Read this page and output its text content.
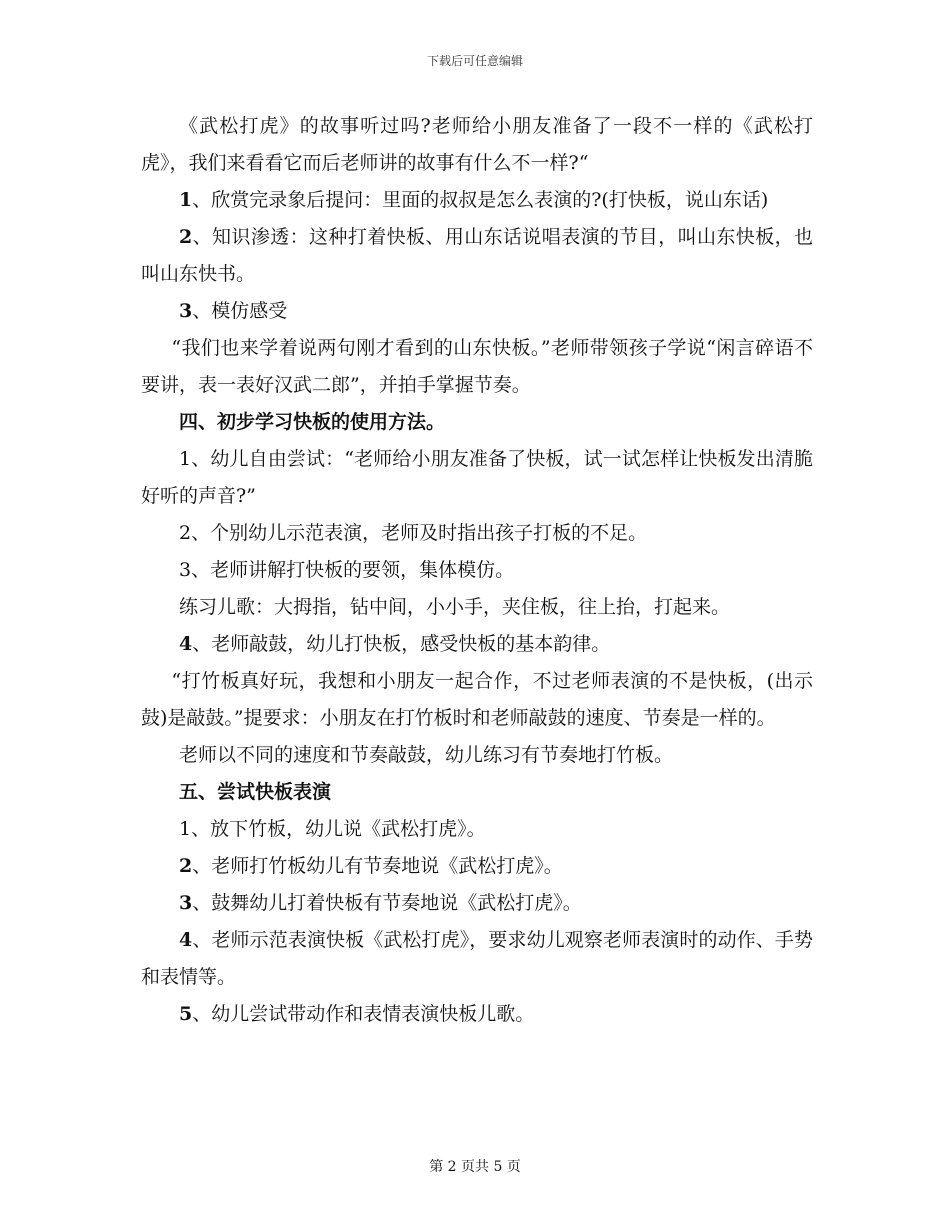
下载后可任意编辑

《武松打虎》的故事听过吗?老师给小朋友准备了一段不一样的《武松打虎》，我们来看看它而后老师讲的故事有什么不一样?“

1、欣赏完录象后提问：里面的叔叔是怎么表演的?(打快板，说山东话)

2、知识渗透：这种打着快板、用山东话说唱表演的节目，叫山东快板，也叫山东快书。

3、模仿感受

“我们也来学着说两句刚才看到的山东快板。”老师带领孩子学说“闲言碎语不要讲，表一表好汉武二郎”，并拍手掌握节奏。

四、初步学习快板的使用方法。

1、幼儿自由尝试：“老师给小朋友准备了快板，试一试怎样让快板发出清脆好听的声音?”

2、个别幼儿示范表演，老师及时指出孩子打板的不足。

3、老师讲解打快板的要领，集体模仿。

练习儿歌：大拇指，钻中间，小小手，夹住板，往上抬，打起来。

4、老师敲鼓，幼儿打快板，感受快板的基本韵律。

“打竹板真好玩，我想和小朋友一起合作，不过老师表演的不是快板，(出示鼓)是敲鼓。”提要求：小朋友在打竹板时和老师敲鼓的速度、节奏是一样的。

老师以不同的速度和节奏敲鼓，幼儿练习有节奏地打竹板。

五、尝试快板表演

1、放下竹板，幼儿说《武松打虎》。

2、老师打竹板幼儿有节奏地说《武松打虎》。

3、鼓舞幼儿打着快板有节奏地说《武松打虎》。

4、老师示范表演快板《武松打虎》，要求幼儿观察老师表演时的动作、手势和表情等。

5、幼儿尝试带动作和表情表演快板儿歌。

第 2 页共 5 页
